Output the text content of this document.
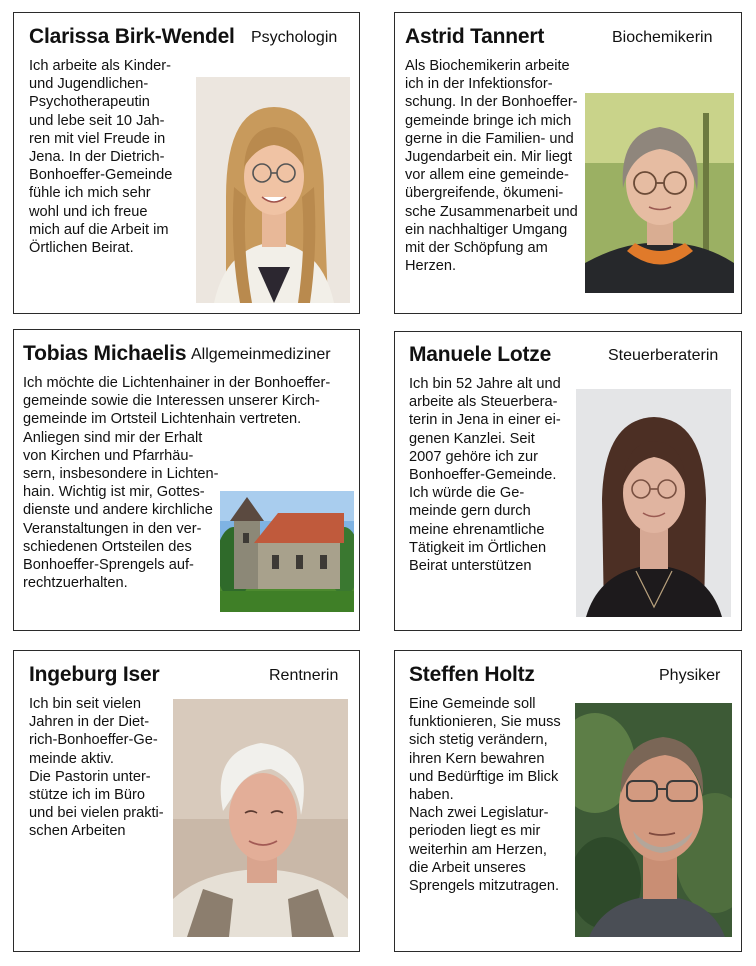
Clarissa Birk-Wendel Psychologin
Ich arbeite als Kinder-
und Jugendlichen-
Psychotherapeutin
und lebe seit 10 Jah-
ren mit viel Freude in
Jena. In der Dietrich-
Bonhoeffer-Gemeinde
fühle ich mich sehr
wohl und ich freue
mich auf die Arbeit im
Örtlichen Beirat.
Astrid Tannert	Biochemikerin
Als Biochemikerin arbeite
ich in der Infektionsfor-
schung. In der Bonhoeffer-
gemeinde bringe ich mich
gerne in die Familien- und
Jugendarbeit ein. Mir liegt
vor allem eine gemeinde-
übergreifende, ökumeni-
sche Zusammenarbeit und
ein nachhaltiger Umgang
mit der Schöpfung am
Herzen.
Tobias Michaelis Allgemeinmediziner
Ich möchte die Lichtenhainer in der Bonhoeffer-
gemeinde sowie die Interessen unserer Kirch-
gemeinde im Ortsteil Lichtenhain vertreten.
Anliegen sind mir der Erhalt
von Kirchen und Pfarrhäu-
sern, insbesondere in Lichten-
hain. Wichtig ist mir, Gottes-
dienste und andere kirchliche
Veranstaltungen in den ver-
schiedenen Ortsteilen des
Bonhoeffer-Sprengels auf-
rechtzuerhalten.
Manuele Lotze	Steuerberaterin
Ich bin 52 Jahre alt und
arbeite als Steuerbera-
terin in Jena in einer ei-
genen Kanzlei. Seit
2007 gehöre ich zur
Bonhoeffer-Gemeinde.
Ich würde die Ge-
meinde gern durch
meine ehrenamtliche
Tätigkeit im Örtlichen
Beirat unterstützen
Ingeburg Iser	Rentnerin
Ich bin seit vielen
Jahren in der Diet-
rich-Bonhoeffer-Ge-
meinde aktiv.
Die Pastorin unter-
stütze ich im Büro
und bei vielen prakti-
schen Arbeiten
Steffen Holtz	Physiker
Eine Gemeinde soll
funktionieren, Sie muss
sich stetig verändern,
ihren Kern bewahren
und Bedürftige im Blick
haben.
Nach zwei Legislatur-
perioden liegt es mir
weiterhin am Herzen,
die Arbeit unseres
Sprengels mitzutragen.
